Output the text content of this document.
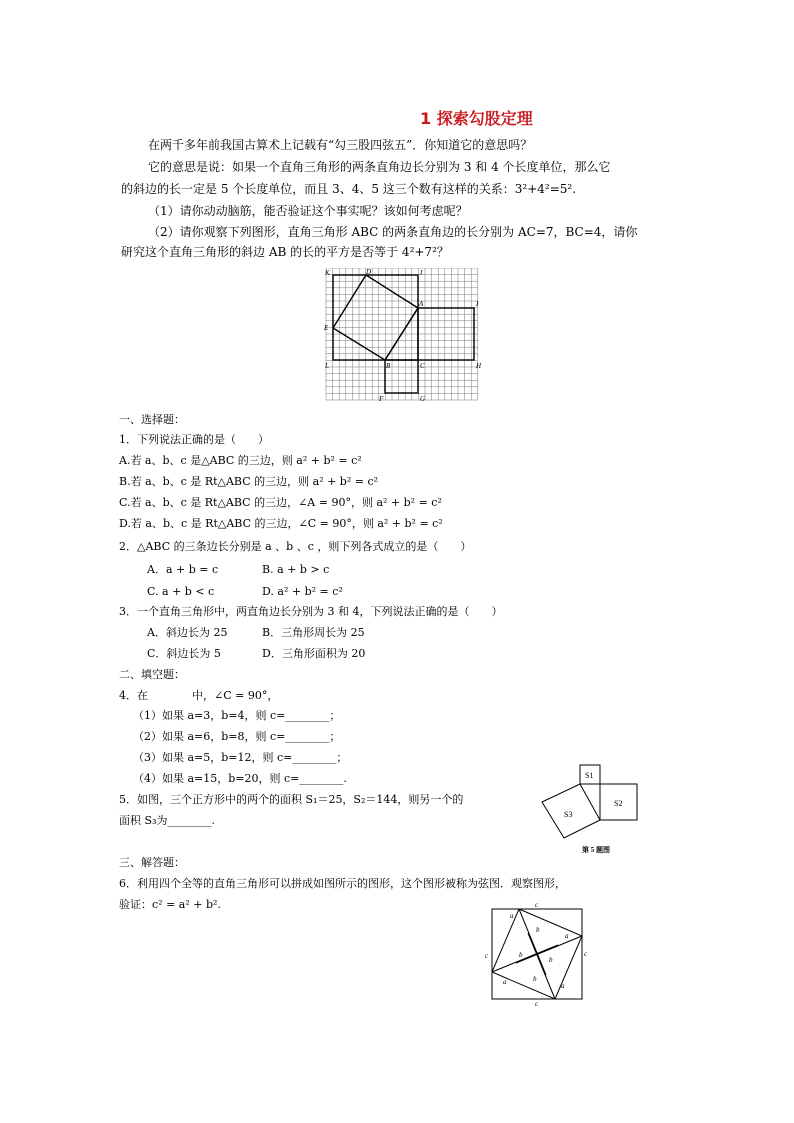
1 探索勾股定理
在两千多年前我国古算术上记载有“勾三股四弦五”．你知道它的意思吗？
它的意思是说：如果一个直角三角形的两条直角边长分别为 3 和 4 个长度单位，那么它
的斜边的长一定是 5 个长度单位，而且 3、4、5 这三个数有这样的关系：3²+4²=5².
（1）请你动动脑筋，能否验证这个事实呢？该如何考虑呢？
（2）请你观察下列图形，直角三角形 ABC 的两条直角边的长分别为 AC=7，BC=4，请你
研究这个直角三角形的斜边 AB 的长的平方是否等于 4²+7²？
K	D	I
A	I
E
L	B	C	H
F	G
一、选择题：
1．下列说法正确的是（　　）
A.若 a、b、c 是△ABC 的三边，则 a² + b² = c²
B.若 a、b、c 是 Rt△ABC 的三边，则 a² + b² = c²
C.若 a、b、c 是 Rt△ABC 的三边，∠A = 90°，则 a² + b² = c²
D.若 a、b、c 是 Rt△ABC 的三边，∠C = 90°，则 a² + b² = c²
2．△ABC 的三条边长分别是 a 、b 、c ，则下列各式成立的是（　　）
A．a + b = c	B. a + b > c
C. a + b < c	D. a² + b² = c²
3．一个直角三角形中，两直角边长分别为 3 和 4，下列说法正确的是（　　）
A．斜边长为 25	B．三角形周长为 25
C．斜边长为 5	D．三角形面积为 20
二、填空题：
4．在　　　　中，∠C = 90°，
（1）如果 a=3，b=4，则 c=________；
（2）如果 a=6，b=8，则 c=________；
（3）如果 a=5，b=12，则 c=________；
（4）如果 a=15，b=20，则 c=________.
5．如图，三个正方形中的两个的面积 S₁＝25，S₂＝144，则另一个的
面积 S₃为________.
S1
S2
S3
第 5 题图
三、解答题：
6．利用四个全等的直角三角形可以拼成如图所示的图形，这个图形被称为弦图．观察图形，
验证：c² = a² + b².	c
c
c
c
a
b
a
b
a
b
a
b
